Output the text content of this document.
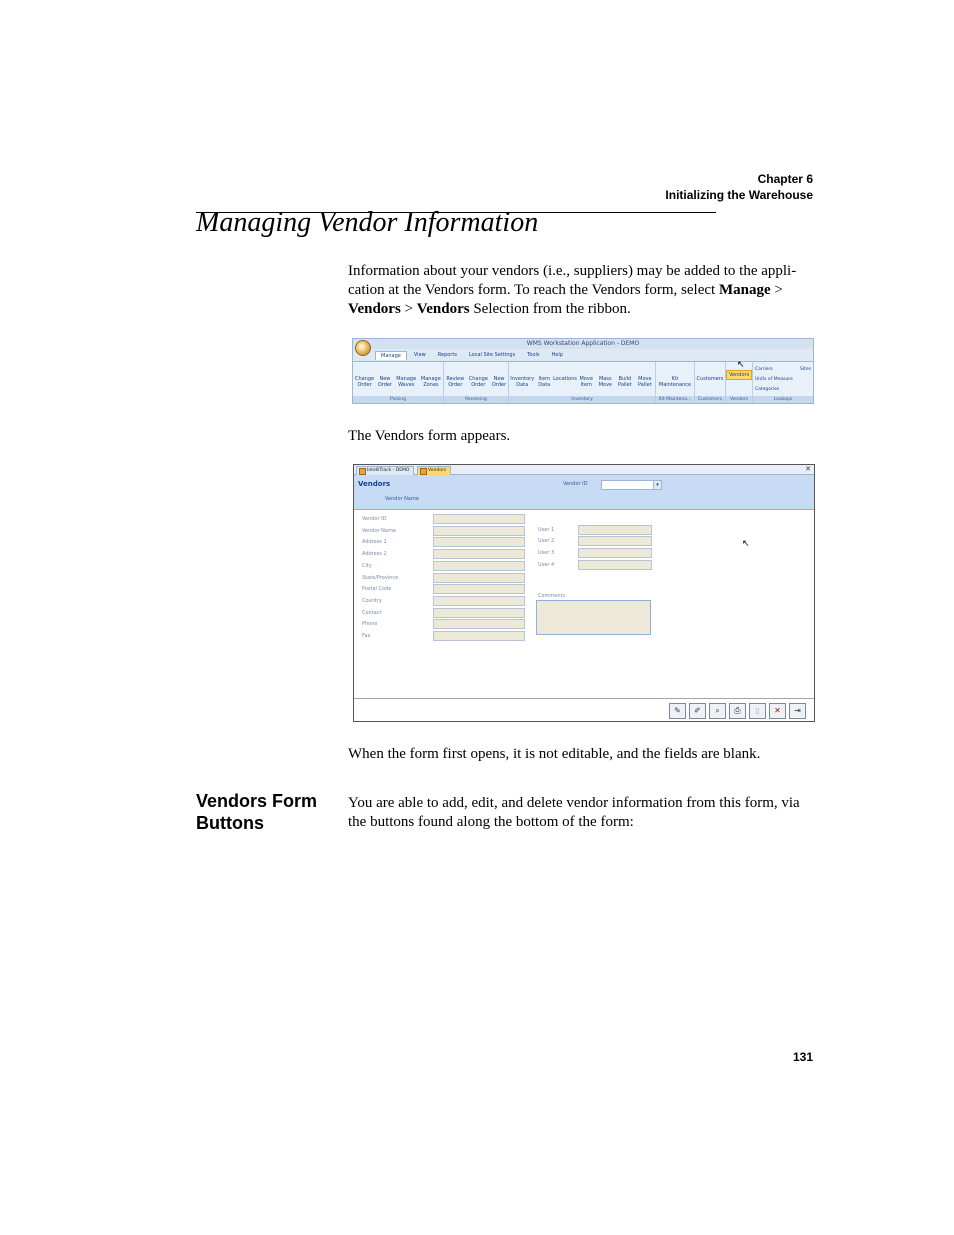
Chapter 6
Initializing the Warehouse
Managing Vendor Information
Information about your vendors (i.e., suppliers) may be added to the appli-cation at the Vendors form. To reach the Vendors form, select Manage > Vendors > Vendors Selection from the ribbon.
WMS Workstation Application - DEMO
Manage	View	Reports	Local Site Settings	Tools	Help
Change Order
New Order
Manage Waves
Manage Zones
Picking
Review Order
Change Order
New Order
Receiving
Inventory Data
Item Data
Locations Move Item
Mass Move
Build Pallet
Move Pallet
Inventory
Kit Maintenance
Kit Maintena...
Customers
Customers
Vendors
↖
Vendors
Carriers	Sites
Units of Measure
Categories
Lookups
The Vendors form appears.
IntelliTrack - DEMO	Vendors	✕
Vendors
Vendor Name
Vendor ID	▾
Vendor ID
Vendor Name
Address 1
Address 2
City
State/Province
Postal Code
Country
Contact
Phone
Fax
User 1
User 2
User 3
User 4
Comments
↖
✎	✐	⌕	⎙	▯	✕	⇥
When the form first opens, it is not editable, and the fields are blank.
Vendors Form Buttons
You are able to add, edit, and delete vendor information from this form, via the buttons found along the bottom of the form:
131
